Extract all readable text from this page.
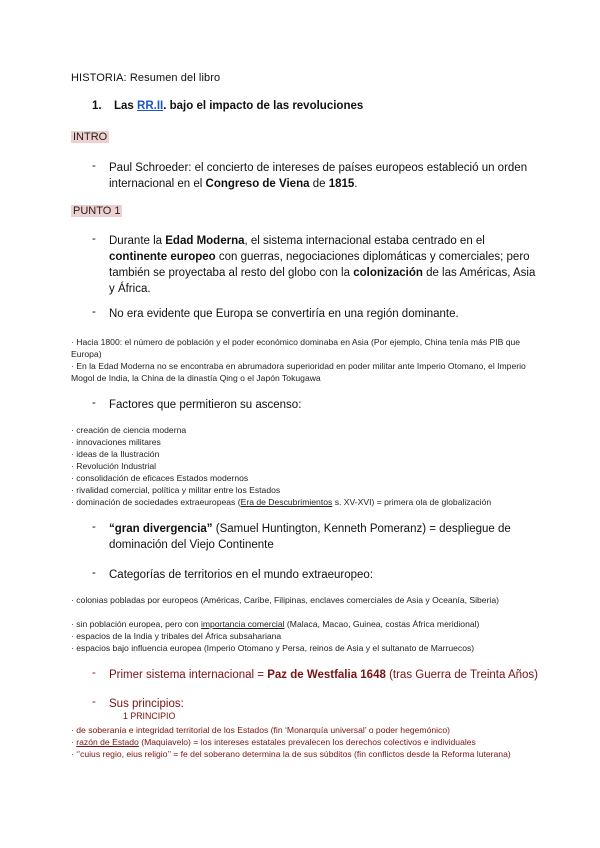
HISTORIA: Resumen del libro
1. Las RR.II. bajo el impacto de las revoluciones
INTRO
- Paul Schroeder: el concierto de intereses de países europeos estableció un orden internacional en el Congreso de Viena de 1815.
PUNTO 1
- Durante la Edad Moderna, el sistema internacional estaba centrado en el continente europeo con guerras, negociaciones diplomáticas y comerciales; pero también se proyectaba al resto del globo con la colonización de las Américas, Asia y África.
- No era evidente que Europa se convertiría en una región dominante.
· Hacia 1800: el número de población y el poder económico dominaba en Asia (Por ejemplo, China tenía más PIB que Europa)
· En la Edad Moderna no se encontraba en abrumadora superioridad en poder militar ante Imperio Otomano, el Imperio Mogol de India, la China de la dinastía Qing o el Japón Tokugawa
- Factores que permitieron su ascenso:
· creación de ciencia moderna
· innovaciones militares
· ideas de la Ilustración
· Revolución Industrial
· consolidación de eficaces Estados modernos
· rivalidad comercial, política y militar entre los Estados
· dominación de sociedades extraeuropeas (Era de Descubrimientos s. XV-XVI) = primera ola de globalización
- “gran divergencia” (Samuel Huntington, Kenneth Pomeranz) = despliegue de dominación del Viejo Continente
- Categorías de territorios en el mundo extraeuropeo:
· colonias pobladas por europeos (Américas, Caribe, Filipinas, enclaves comerciales de Asia y Oceanía, Siberia)
· sin población europea, pero con importancia comercial (Malaca, Macao, Guinea, costas África meridional)
· espacios de la India y tribales del África subsahariana
· espacios bajo influencia europea (Imperio Otomano y Persa, reinos de Asia y el sultanato de Marruecos)
- Primer sistema internacional = Paz de Westfalia 1648 (tras Guerra de Treinta Años)
- Sus principios:
1 PRINCIPIO
· de soberanía e integridad territorial de los Estados (fin ‘Monarquía universal’ o poder hegemónico)
· razón de Estado (Maquiavelo) = los intereses estatales prevalecen los derechos colectivos e individuales
· ‘’cuius regio, eius religio’’ = fe del soberano determina la de sus súbditos (fin conflictos desde la Reforma luterana)
